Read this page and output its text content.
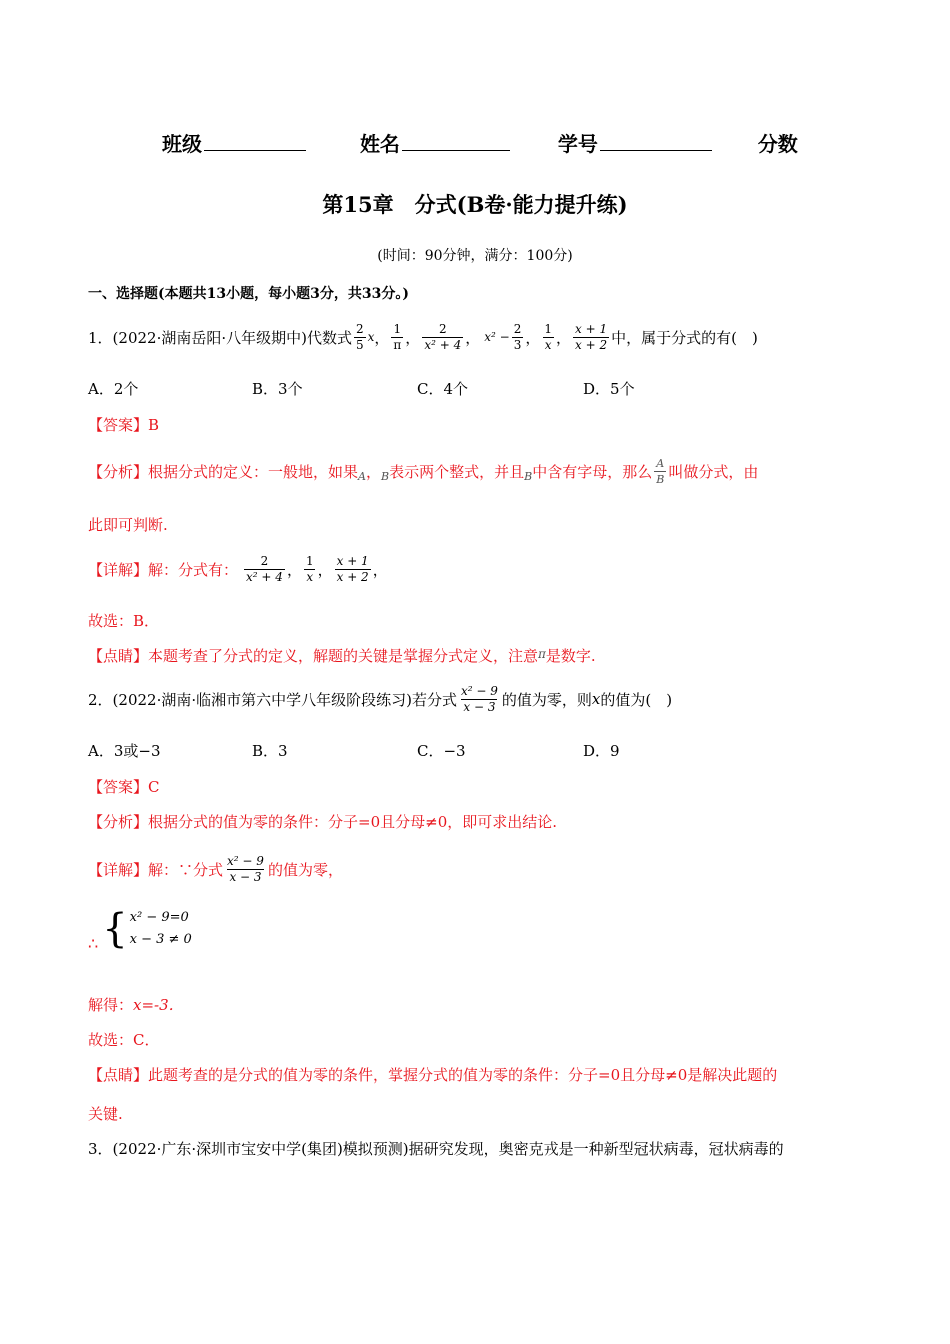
班级	姓名	学号	分数
第15章　分式(B卷·能力提升练)
(时间：90分钟，满分：100分)
一、选择题(本题共13小题，每小题3分，共33分。)
1．(2022·湖南岳阳·八年级期中)代数式 $\frac{2}{5}$ x ， $\frac{1}{\pi}$ ， $\frac{2}{\text{x² + 4}}$ ， $x^2 - \frac{2}{3}$ ， $\frac{1}{x}$ ， $\frac{x + 1}{x + 2}$ 中，属于分式的有(　)
A．2个	B．3个	C．4个	D．5个
【答案】B
【分析】 根据分式的定义：一般地，如果 A ， B 表示两个整式，并且 B 中含有字母，那么 $\frac{A}{B}$ 叫做分式，由
此即可判断.
【详解】 解：分式有： $\frac{2}{\text{x² + 4}}$ ， $\frac{1}{x}$ ， $\frac{x + 1}{x + 2}$ ，
故选：B．
【点睛】本题考查了分式的定义，解题的关键是掌握分式定义，注意$^\pi$是数字.
2．(2022·湖南·临湘市第六中学八年级阶段练习)若分式 $\frac{\text{x² − 9}}{x - 3}$ 的值为零，则 x 的值为(　)
A．3或−3	B．3	C．−3	D．9
【答案】C
【分析】根据分式的值为零的条件：分子=0且分母≠0，即可求出结论.
【详解】 解：∵分式 $\frac{\text{x² − 9}}{x - 3}$ 的值为零，
∴ { x² − 9=0
x − 3 ≠ 0
解得：x=-3．
故选：C．
【点睛】此题考查的是分式的值为零的条件，掌握分式的值为零的条件：分子=0且分母≠0是解决此题的
关键.
3．(2022·广东·深圳市宝安中学(集团)模拟预测)据研究发现，奥密克戎是一种新型冠状病毒，冠状病毒的
